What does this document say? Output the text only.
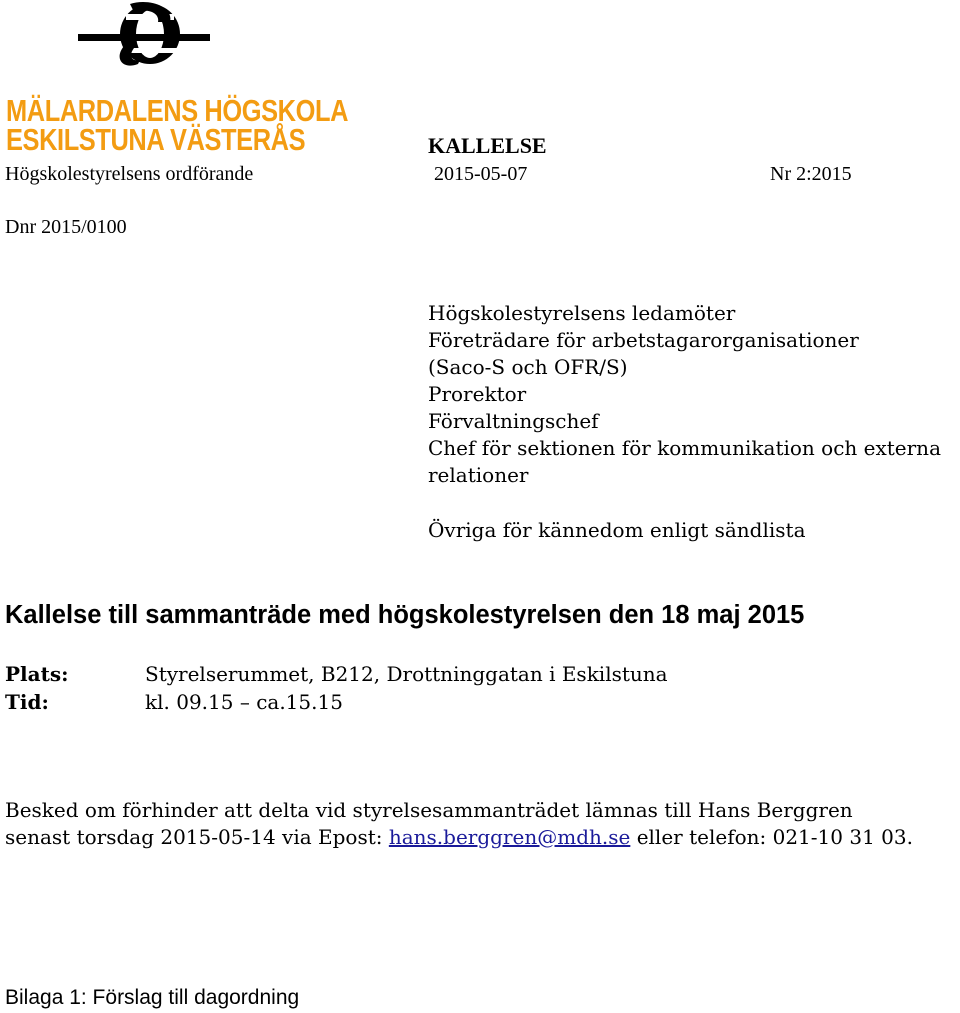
MÄLARDALENS HÖGSKOLA
ESKILSTUNA VÄSTERÅS	KALLELSE
Högskolestyrelsens ordförande	2015-05-07	Nr 2:2015
Dnr 2015/0100
Högskolestyrelsens ledamöter
Företrädare för arbetstagarorganisationer
(Saco-S och OFR/S)
Prorektor
Förvaltningschef
Chef för sektionen för kommunikation och externa
relationer
Övriga för kännedom enligt sändlista
Kallelse till sammanträde med högskolestyrelsen den 18 maj 2015
Plats:	Styrelserummet, B212, Drottninggatan i Eskilstuna
Tid:	kl. 09.15 – ca.15.15
Besked om förhinder att delta vid styrelsesammanträdet lämnas till Hans Berggren
senast torsdag 2015-05-14 via Epost: hans.berggren@mdh.se eller telefon: 021-10 31 03.
Bilaga 1: Förslag till dagordning
